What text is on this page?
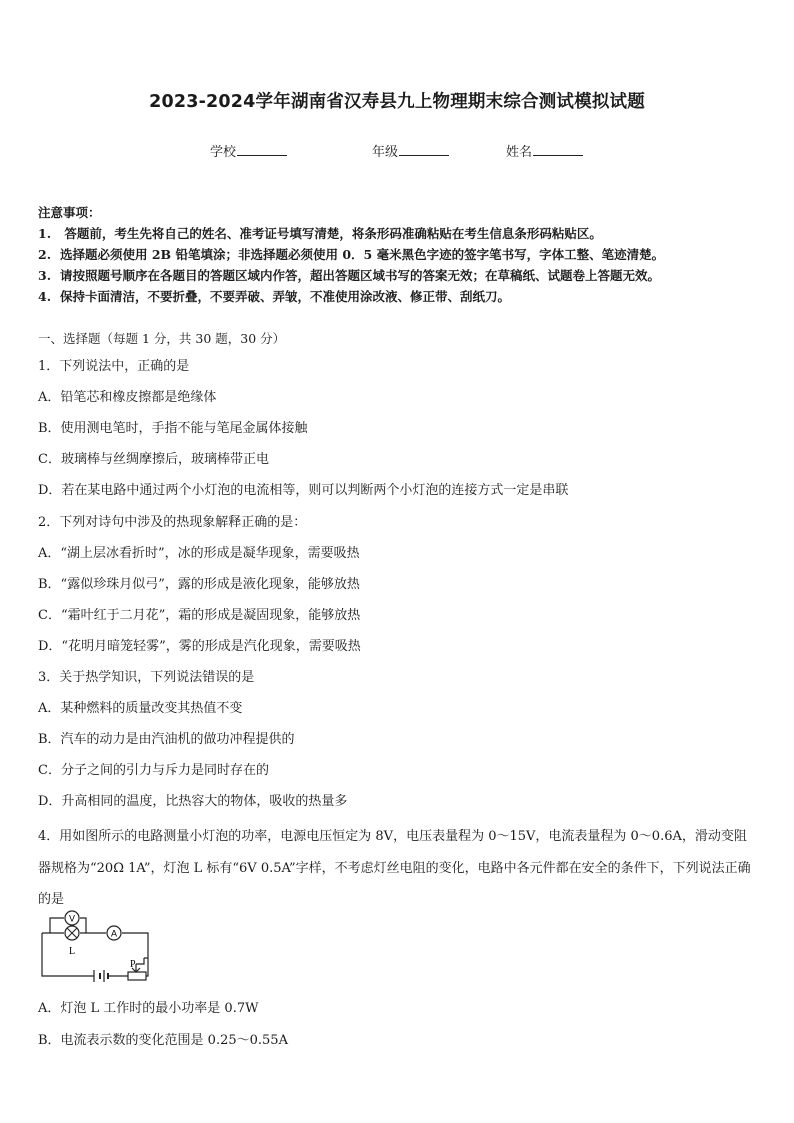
2023-2024学年湖南省汉寿县九上物理期末综合测试模拟试题
学校	年级	姓名
注意事项：
1. 答题前，考生先将自己的姓名、准考证号填写清楚，将条形码准确粘贴在考生信息条形码粘贴区。
2. 选择题必须使用 2B 铅笔填涂；非选择题必须使用 0．5 毫米黑色字迹的签字笔书写，字体工整、笔迹清楚。
3. 请按照题号顺序在各题目的答题区域内作答，超出答题区域书写的答案无效；在草稿纸、试题卷上答题无效。
4. 保持卡面清洁，不要折叠，不要弄破、弄皱，不准使用涂改液、修正带、刮纸刀。
一、选择题（每题 1 分，共 30 题，30 分）
1．下列说法中，正确的是
A．铅笔芯和橡皮擦都是绝缘体
B．使用测电笔时，手指不能与笔尾金属体接触
C．玻璃棒与丝绸摩擦后，玻璃棒带正电
D．若在某电路中通过两个小灯泡的电流相等，则可以判断两个小灯泡的连接方式一定是串联
2．下列对诗句中涉及的热现象解释正确的是：
A．“湖上层冰看折时”，冰的形成是凝华现象，需要吸热
B．“露似珍珠月似弓”，露的形成是液化现象，能够放热
C．“霜叶红于二月花”，霜的形成是凝固现象，能够放热
D．“花明月暗笼轻雾”，雾的形成是汽化现象，需要吸热
3．关于热学知识，下列说法错误的是
A．某种燃料的质量改变其热值不变
B．汽车的动力是由汽油机的做功冲程提供的
C．分子之间的引力与斥力是同时存在的
D．升高相同的温度，比热容大的物体，吸收的热量多
4．用如图所示的电路测量小灯泡的功率，电源电压恒定为 8V，电压表量程为 0～15V，电流表量程为 0～0.6A，滑动变阻器规格为“20Ω 1A”，灯泡 L 标有“6V 0.5A”字样，不考虑灯丝电阻的变化，电路中各元件都在安全的条件下，下列说法正确的是
V
L
A
P
A．灯泡 L 工作时的最小功率是 0.7W
B．电流表示数的变化范围是 0.25～0.55A
